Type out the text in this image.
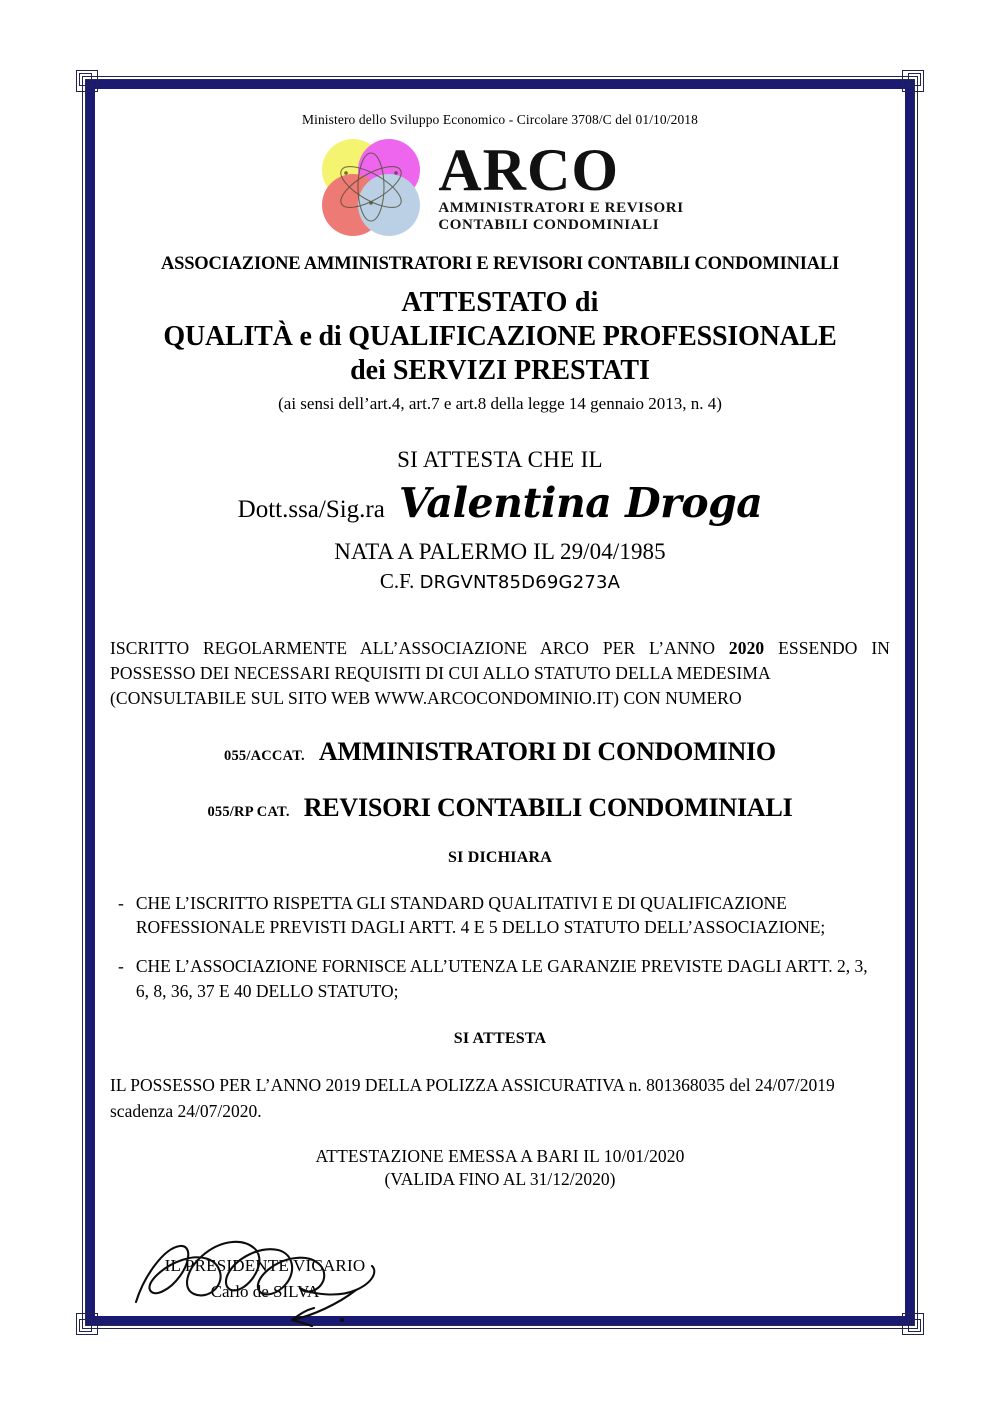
Ministero dello Sviluppo Economico - Circolare 3708/C del 01/10/2018
ARCO
AMMINISTRATORI E REVISORI
CONTABILI CONDOMINIALI
ASSOCIAZIONE AMMINISTRATORI E REVISORI CONTABILI CONDOMINIALI
ATTESTATO di
QUALITÀ e di QUALIFICAZIONE PROFESSIONALE
dei SERVIZI PRESTATI
(ai sensi dell’art.4, art.7 e art.8 della legge 14 gennaio 2013, n. 4)
SI ATTESTA CHE IL
Dott.ssa/Sig.ra Valentina Droga
NATA A PALERMO IL 29/04/1985
C.F. DRGVNT85D69G273A
ISCRITTO REGOLARMENTE ALL’ASSOCIAZIONE ARCO PER L’ANNO 2020 ESSENDO IN POSSESSO DEI NECESSARI REQUISITI DI CUI ALLO STATUTO DELLA MEDESIMA
(CONSULTABILE SUL SITO WEB WWW.ARCOCONDOMINIO.IT) CON NUMERO
055/ACCAT. AMMINISTRATORI DI CONDOMINIO
055/RP CAT. REVISORI CONTABILI CONDOMINIALI
SI DICHIARA
- CHE L’ISCRITTO RISPETTA GLI STANDARD QUALITATIVI E DI QUALIFICAZIONE
ROFESSIONALE PREVISTI DAGLI ARTT. 4 E 5 DELLO STATUTO DELL’ASSOCIAZIONE;
- CHE L’ASSOCIAZIONE FORNISCE ALL’UTENZA LE GARANZIE PREVISTE DAGLI ARTT. 2, 3,
6, 8, 36, 37 E 40 DELLO STATUTO;
SI ATTESTA
IL POSSESSO PER L’ANNO 2019 DELLA POLIZZA ASSICURATIVA n. 801368035 del 24/07/2019
scadenza 24/07/2020.
ATTESTAZIONE EMESSA A BARI IL 10/01/2020
(VALIDA FINO AL 31/12/2020)
IL PRESIDENTE VICARIO
Carlo de SILVA
